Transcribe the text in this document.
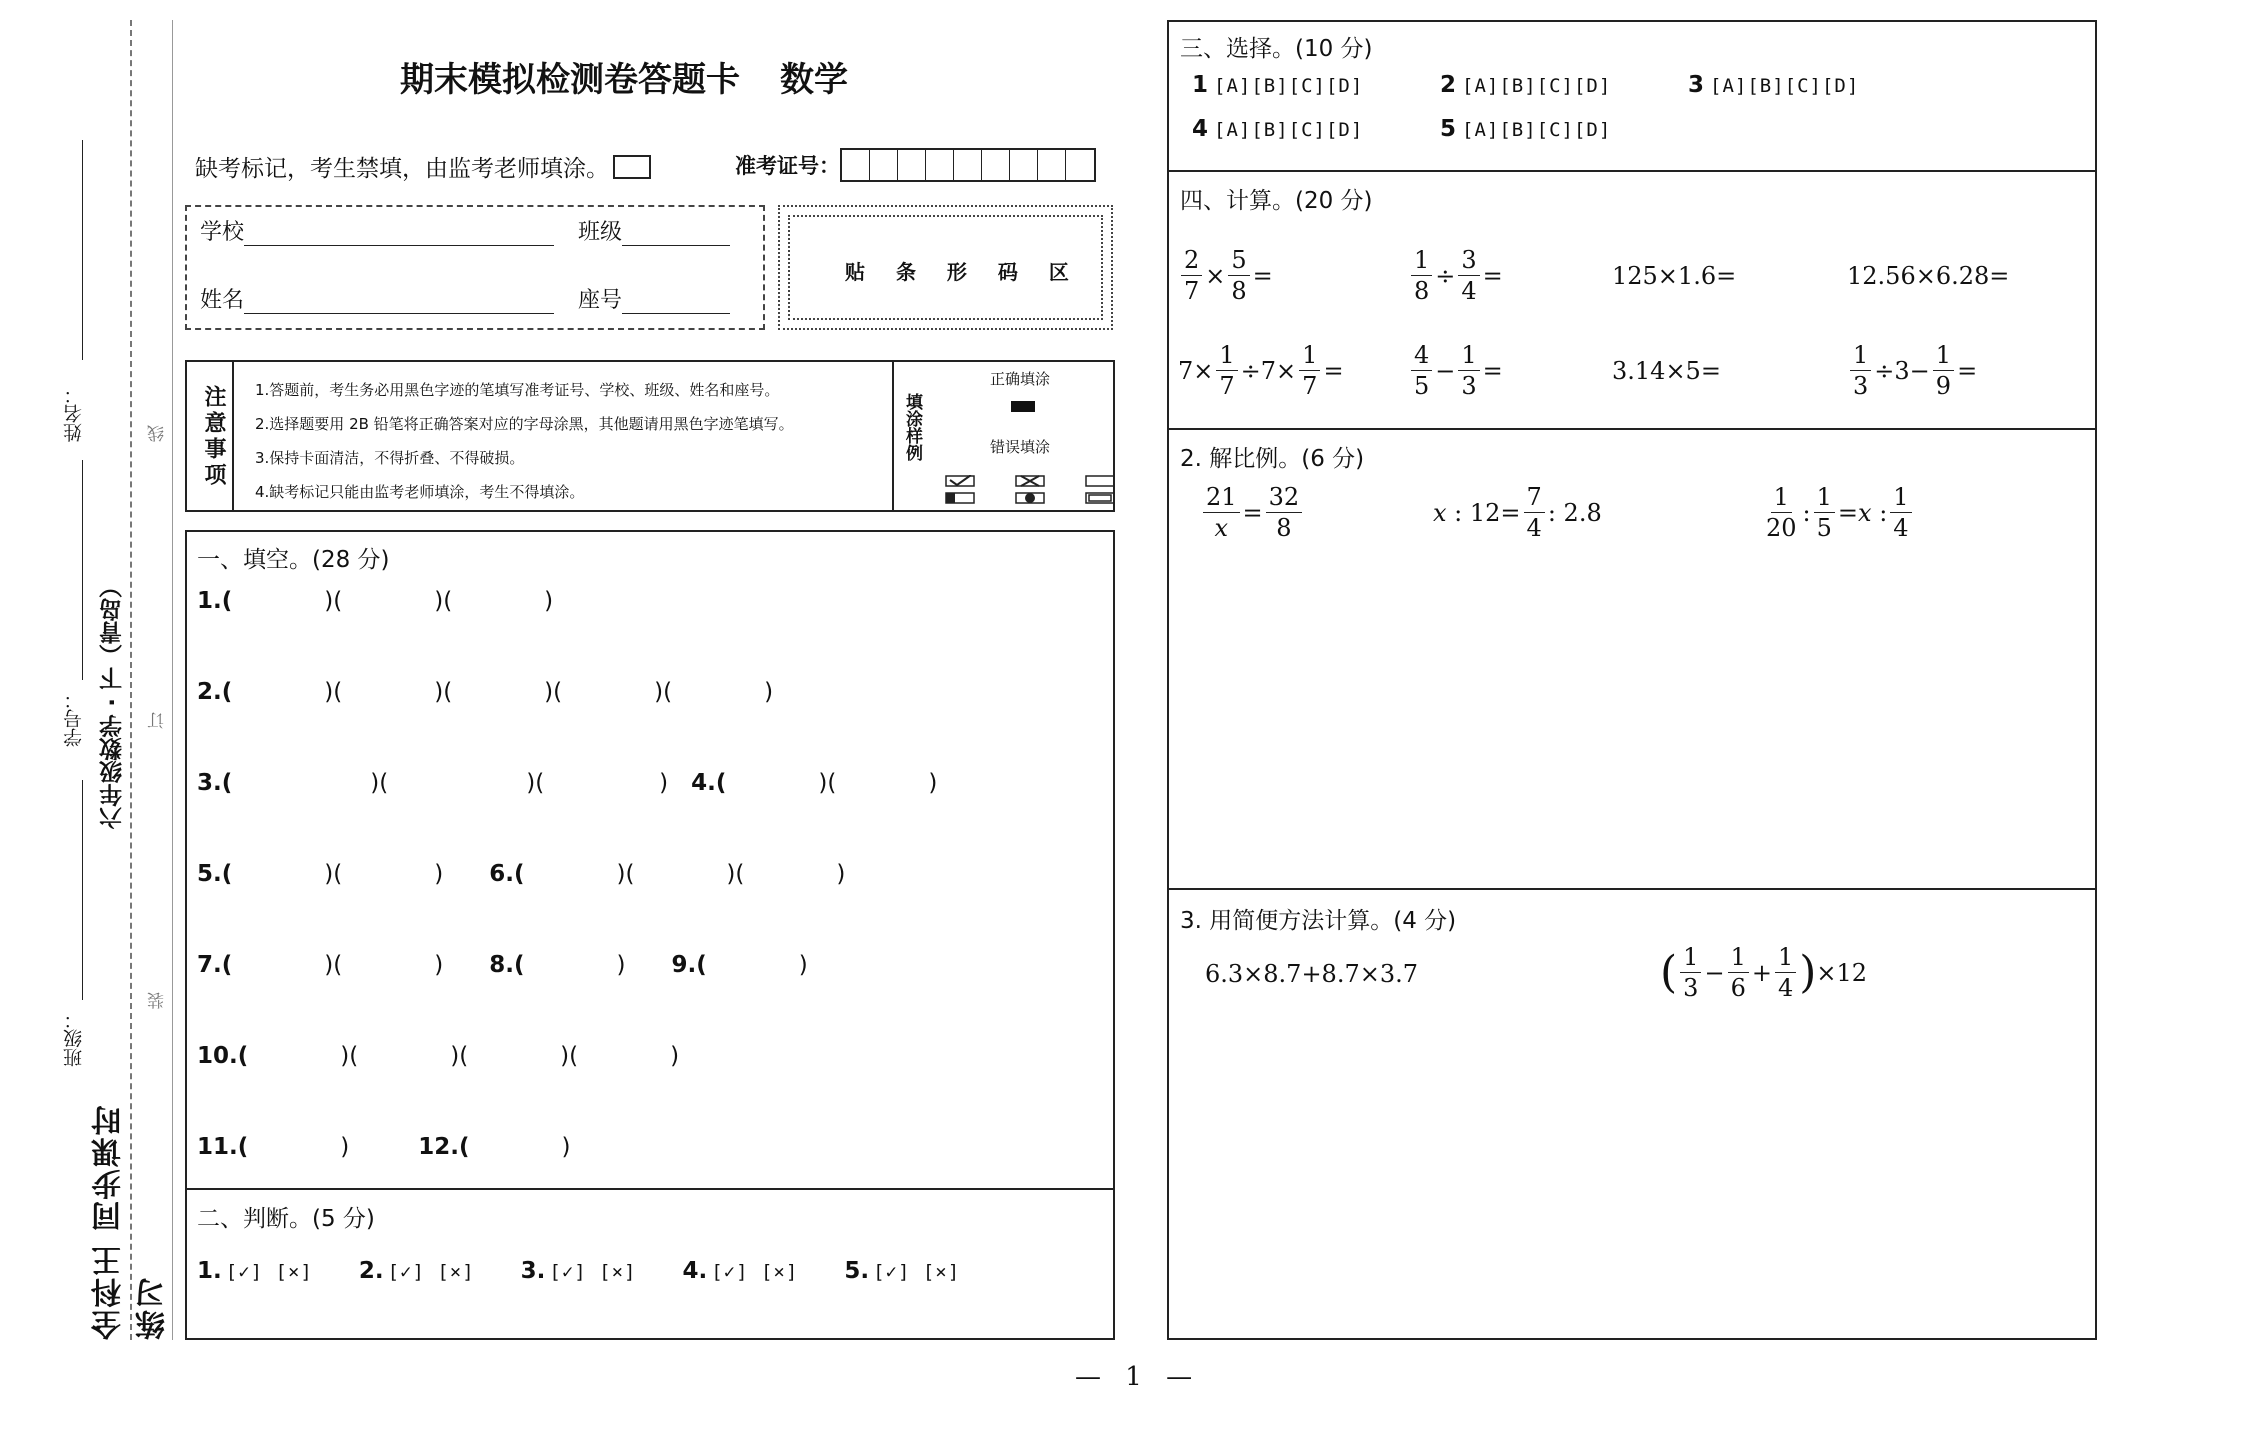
姓名：
学号：
班级：
六年级数学 · 下（青岛）
线
订
装
全科王 同步课时练习
期末模拟检测卷答题卡 数学
缺考标记，考生禁填，由监考老师填涂。	准考证号：
学校	班级
姓名	座号
贴 条 形 码 区
注意事项 1.答题前，考生务必用黑色字迹的笔填写准考证号、学校、班级、姓名和座号。
2.选择题要用 2B 铅笔将正确答案对应的字母涂黑，其他题请用黑色字迹笔填写。
3.保持卡面清洁，不得折叠、不得破损。
4.缺考标记只能由监考老师填涂，考生不得填涂。
填涂样例
正确填涂
错误填涂
一、填空。(28 分)
1.(　　　　)(　　　　)(　　　　)
2.(　　　　)(　　　　)(　　　　)(　　　　)(　　　　)
3.(　　　　　　)(　　　　　　)(　　　　　)　4.(　　　　)(　　　　)
5.(　　　　)(　　　　)　　6.(　　　　)(　　　　)(　　　　)
7.(　　　　)(　　　　)　　8.(　　　　)　　9.(　　　　)
10.(　　　　)(　　　　)(　　　　)(　　　　)
11.(　　　　)　　　12.(　　　　)
二、判断。(5 分)
1. [✓] [×] 2. [✓] [×] 3. [✓] [×] 4. [✓] [×] 5. [✓] [×]
三、选择。(10 分)
1 [A][B][C][D]	2 [A][B][C][D]	3 [A][B][C][D]
4 [A][B][C][D]	5 [A][B][C][D]
四、计算。(20 分)
$\frac{2}{7} \times \frac{5}{8}$ =	$\frac{1}{8} \div \frac{3}{4}$ =	125×1.6=	12.56×6.28=
$7\times \frac{1}{7} \div 7\times \frac{1}{7}$ =	$\frac{4}{5} - \frac{1}{3}$ =	3.14×5=	$\frac{1}{3} \div 3- \frac{1}{9}$ =
2. 解比例。(6 分)
$\frac{21}{x} = \frac{32}{8}$	x : $12= \frac{7}{4}$ : 2.8	$\frac{1}{20}$ : $\frac{1}{5} = x$ : $\frac{1}{4}$
3. 用简便方法计算。(4 分)
6.3×8.7+8.7×3.7	( $\frac{1}{3} - \frac{1}{6} + \frac{1}{4}$ ) ×12
— 1 —
